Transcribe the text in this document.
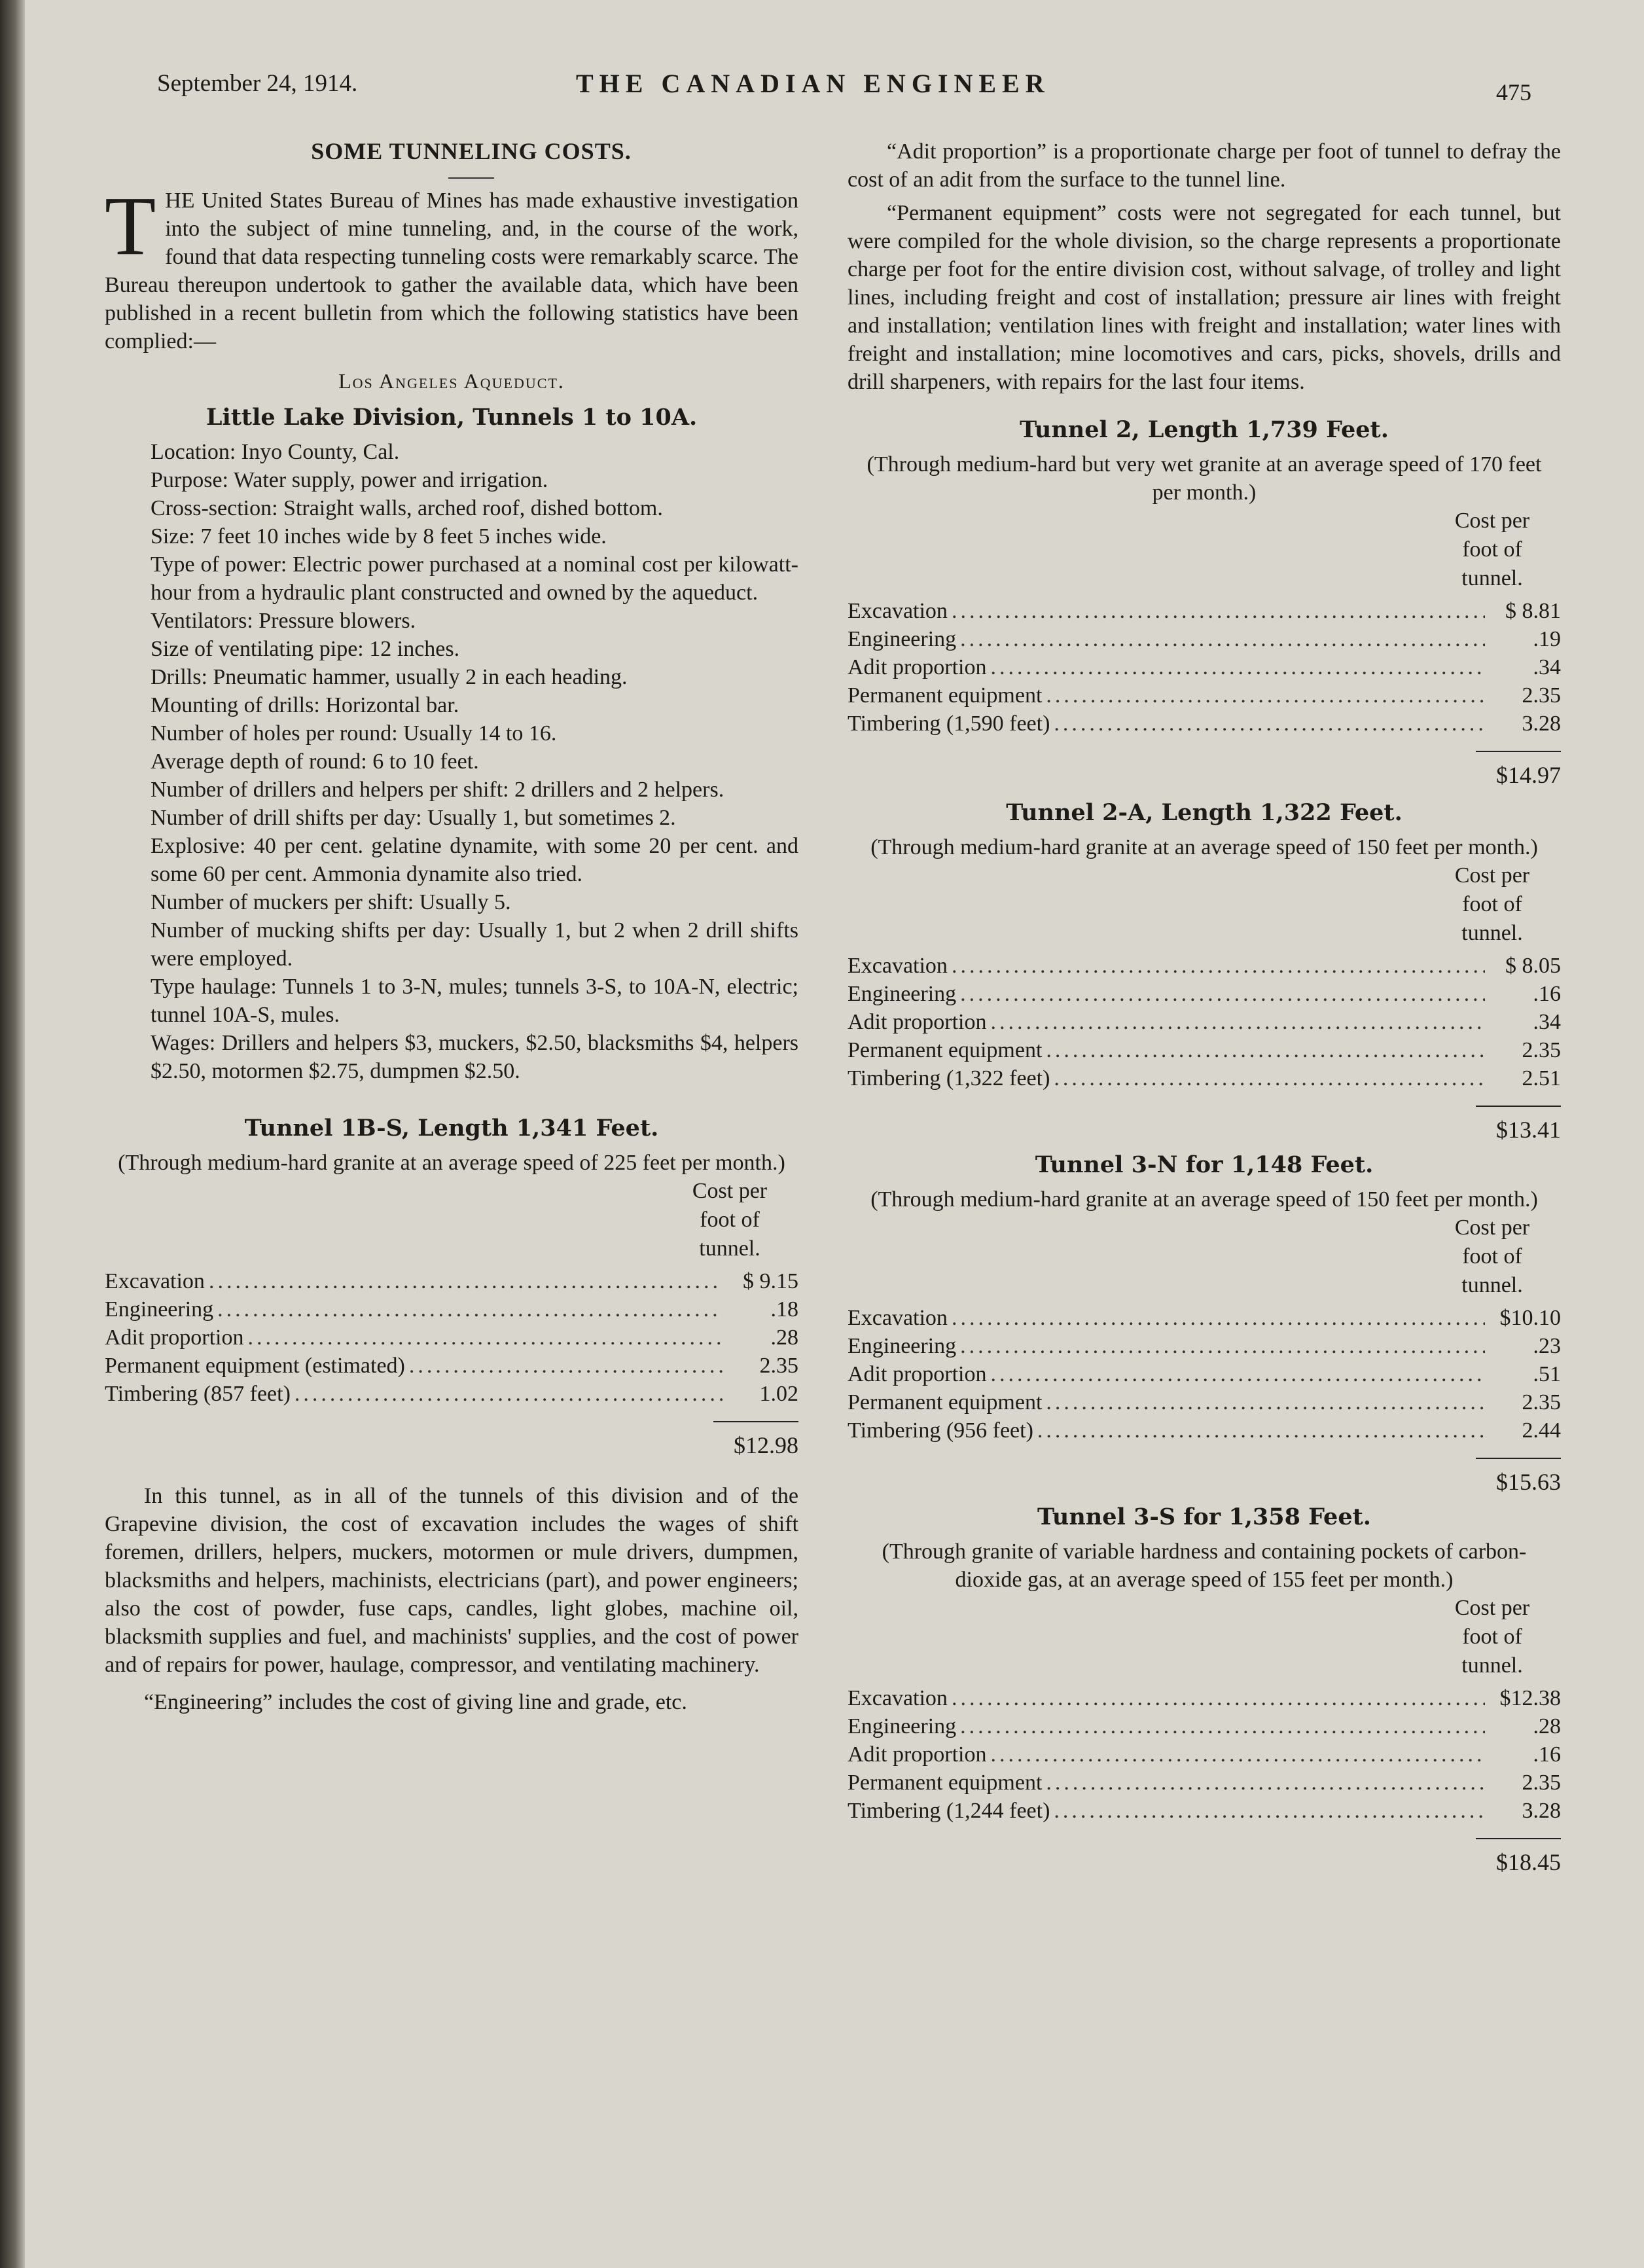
September 24, 1914.	THE CANADIAN ENGINEER	475

SOME TUNNELING COSTS.

THE United States Bureau of Mines has made exhaustive investigation into the subject of mine tunneling, and, in the course of the work, found that data respecting tunneling costs were remarkably scarce. The Bureau thereupon undertook to gather the available data, which have been published in a recent bulletin from which the following statistics have been complied:—

Los Angeles Aqueduct.

Little Lake Division, Tunnels 1 to 10A.

Location: Inyo County, Cal.

Purpose: Water supply, power and irrigation.

Cross-section: Straight walls, arched roof, dished bottom.

Size: 7 feet 10 inches wide by 8 feet 5 inches wide.

Type of power: Electric power purchased at a nominal cost per kilowatt-hour from a hydraulic plant constructed and owned by the aqueduct.

Ventilators: Pressure blowers.

Size of ventilating pipe: 12 inches.

Drills: Pneumatic hammer, usually 2 in each heading.

Mounting of drills: Horizontal bar.

Number of holes per round: Usually 14 to 16.

Average depth of round: 6 to 10 feet.

Number of drillers and helpers per shift: 2 drillers and 2 helpers.

Number of drill shifts per day: Usually 1, but sometimes 2.

Explosive: 40 per cent. gelatine dynamite, with some 20 per cent. and some 60 per cent. Ammonia dynamite also tried.

Number of muckers per shift: Usually 5.

Number of mucking shifts per day: Usually 1, but 2 when 2 drill shifts were employed.

Type haulage: Tunnels 1 to 3-N, mules; tunnels 3-S, to 10A-N, electric; tunnel 10A-S, mules.

Wages: Drillers and helpers $3, muckers, $2.50, blacksmiths $4, helpers $2.50, motormen $2.75, dumpmen $2.50.

Tunnel 1B-S, Length 1,341 Feet.

(Through medium-hard granite at an average speed of 225 feet per month.)

Cost per
foot of
tunnel.
Excavation .....	$ 9.15
Engineering .....	.18
Adit proportion .....	.28
Permanent equipment (estimated) .....	2.35
Timbering (857 feet) .....	1.02

$12.98

In this tunnel, as in all of the tunnels of this division and of the Grapevine division, the cost of excavation includes the wages of shift foremen, drillers, helpers, muckers, motormen or mule drivers, dumpmen, blacksmiths and helpers, machinists, electricians (part), and power engineers; also the cost of powder, fuse caps, candles, light globes, machine oil, blacksmith supplies and fuel, and machinists' supplies, and the cost of power and of repairs for power, haulage, compressor, and ventilating machinery.

“Engineering” includes the cost of giving line and grade, etc.

“Adit proportion” is a proportionate charge per foot of tunnel to defray the cost of an adit from the surface to the tunnel line.

“Permanent equipment” costs were not segregated for each tunnel, but were compiled for the whole division, so the charge represents a proportionate charge per foot for the entire division cost, without salvage, of trolley and light lines, including freight and cost of installation; pressure air lines with freight and installation; ventilation lines with freight and installation; water lines with freight and installation; mine locomotives and cars, picks, shovels, drills and drill sharpeners, with repairs for the last four items.

Tunnel 2, Length 1,739 Feet.

(Through medium-hard but very wet granite at an average speed of 170 feet per month.)

Cost per
foot of
tunnel.
Excavation .....	$ 8.81
Engineering .....	.19
Adit proportion .....	.34
Permanent equipment .....	2.35
Timbering (1,590 feet) .....	3.28

$14.97

Tunnel 2-A, Length 1,322 Feet.

(Through medium-hard granite at an average speed of 150 feet per month.)

Cost per
foot of
tunnel.
Excavation .....	$ 8.05
Engineering .....	.16
Adit proportion .....	.34
Permanent equipment .....	2.35
Timbering (1,322 feet) .....	2.51

$13.41

Tunnel 3-N for 1,148 Feet.

(Through medium-hard granite at an average speed of 150 feet per month.)

Cost per
foot of
tunnel.
Excavation .....	$10.10
Engineering .....	.23
Adit proportion .....	.51
Permanent equipment .....	2.35
Timbering (956 feet) .....	2.44

$15.63

Tunnel 3-S for 1,358 Feet.

(Through granite of variable hardness and containing pockets of carbon-dioxide gas, at an average speed of 155 feet per month.)

Cost per
foot of
tunnel.
Excavation .....	$12.38
Engineering .....	.28
Adit proportion .....	.16
Permanent equipment .....	2.35
Timbering (1,244 feet) .....	3.28

$18.45
